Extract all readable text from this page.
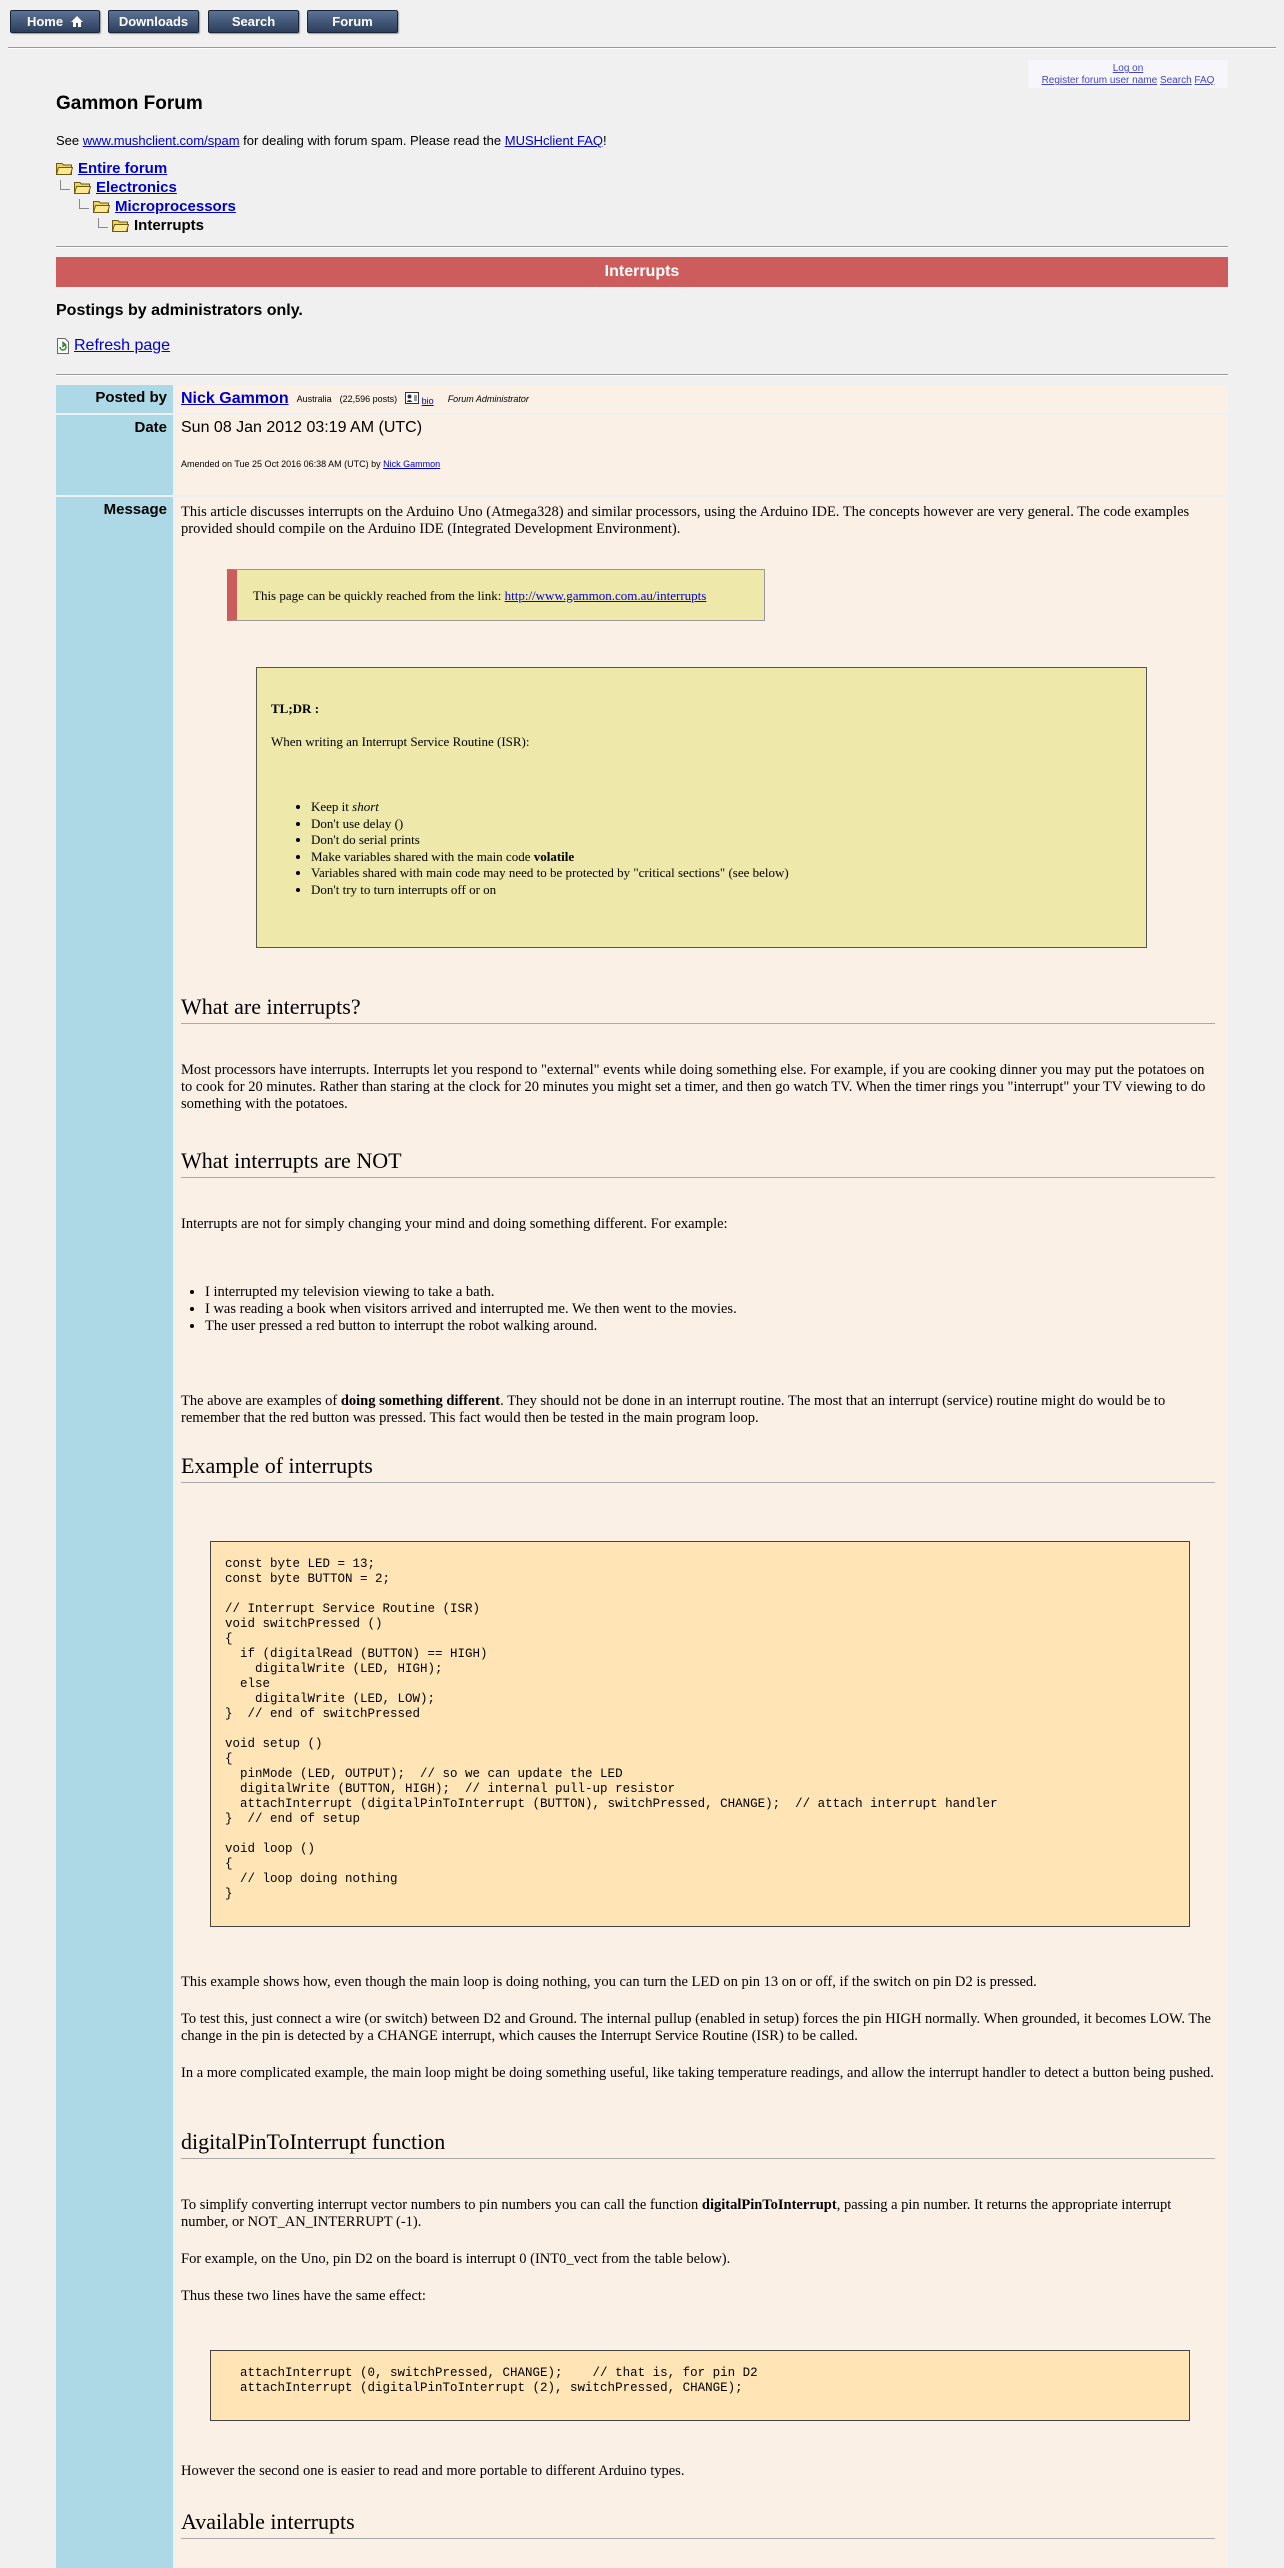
Home	Downloads	Search	Forum
Log on
Register forum user name Search FAQ
Gammon Forum
See www.mushclient.com/spam for dealing with forum spam. Please read the MUSHclient FAQ!
Entire forum
Electronics
Microprocessors
Interrupts
Interrupts
Postings by administrators only.
Refresh page
Posted by Nick Gammon Australia (22,596 posts)	bio Forum Administrator
Date Sun 08 Jan 2012 03:19 AM (UTC)
Amended on Tue 25 Oct 2016 06:38 AM (UTC) by Nick Gammon
Message This article discusses interrupts on the Arduino Uno (Atmega328) and similar processors, using the Arduino IDE. The concepts however are very general. The code examples provided should compile on the Arduino IDE (Integrated Development Environment).

This page can be quickly reached from the link:
http://www.gammon.com.au/interrupts
TL;DR :
When writing an Interrupt Service Routine (ISR):
• Keep it short
• Don't use delay ()
• Don't do serial prints
• Make variables shared with the main code volatile
• Variables shared with main code may need to be protected by "critical sections" (see below)
• Don't try to turn interrupts off or on
What are interrupts?

Most processors have interrupts. Interrupts let you respond to "external" events while doing something else. For example, if you are cooking dinner you may put the potatoes on to cook for 20 minutes. Rather than staring at the clock for 20 minutes you might set a timer, and then go watch TV. When the timer rings you "interrupt" your TV viewing to do something with the potatoes.

What interrupts are NOT

Interrupts are not for simply changing your mind and doing something different. For example:

• I interrupted my television viewing to take a bath.
• I was reading a book when visitors arrived and interrupted me. We then went to the movies.
• The user pressed a red button to interrupt the robot walking around.

The above are examples of doing something different. They should not be done in an interrupt routine. The most that an interrupt (service) routine might do would be to remember that the red button was pressed. This fact would then be tested in the main program loop.

Example of interrupts

const byte LED = 13;
const byte BUTTON = 2;

// Interrupt Service Routine (ISR)
void switchPressed ()
{
if (digitalRead (BUTTON) == HIGH)
digitalWrite (LED, HIGH);
else
digitalWrite (LED, LOW);
}  // end of switchPressed

void setup ()
{
pinMode (LED, OUTPUT);  // so we can update the LED
digitalWrite (BUTTON, HIGH);  // internal pull-up resistor
attachInterrupt (digitalPinToInterrupt (BUTTON), switchPressed, CHANGE);  // attach interrupt handler
}  // end of setup

void loop ()
{
// loop doing nothing
}

This example shows how, even though the main loop is doing nothing, you can turn the LED on pin 13 on or off, if the switch on pin D2 is pressed.

To test this, just connect a wire (or switch) between D2 and Ground. The internal pullup (enabled in setup) forces the pin HIGH normally. When grounded, it becomes LOW. The change in the pin is detected by a CHANGE interrupt, which causes the Interrupt Service Routine (ISR) to be called.

In a more complicated example, the main loop might be doing something useful, like taking temperature readings, and allow the interrupt handler to detect a button being pushed.

digitalPinToInterrupt function

To simplify converting interrupt vector numbers to pin numbers you can call the function digitalPinToInterrupt, passing a pin number. It returns the appropriate interrupt number, or NOT_AN_INTERRUPT (-1).

For example, on the Uno, pin D2 on the board is interrupt 0 (INT0_vect from the table below).

Thus these two lines have the same effect:

attachInterrupt (0, switchPressed, CHANGE);    // that is, for pin D2
attachInterrupt (digitalPinToInterrupt (2), switchPressed, CHANGE);

However the second one is easier to read and more portable to different Arduino types.

Available interrupts
